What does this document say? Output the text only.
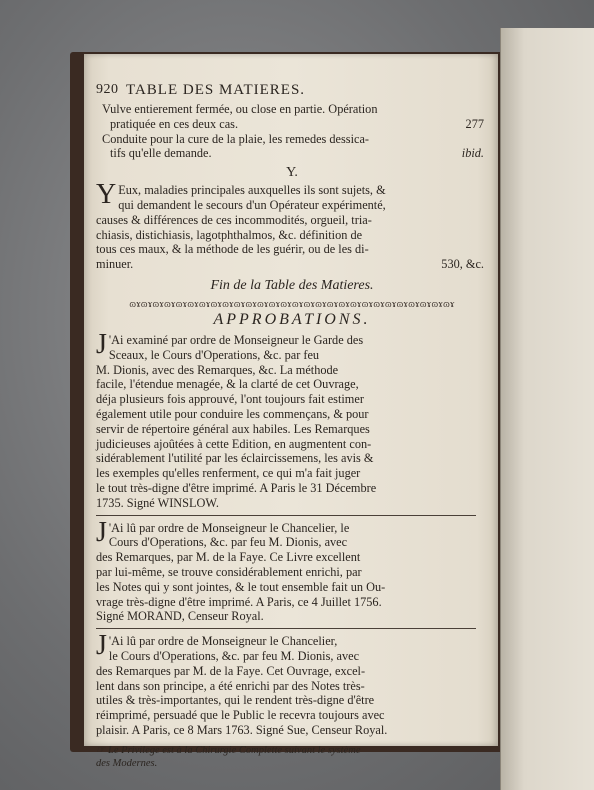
920 TABLE DES MATIERES.
Vulve entierement fermée, ou close en partie. Opération
pratiquée en ces deux cas.	277
Conduite pour la cure de la plaie, les remedes dessica-
tifs qu'elle demande.	ibid.
Y.
Y Eux, maladies principales auxquelles ils sont sujets, &
qui demandent le secours d'un Opérateur expérimenté,
causes & différences de ces incommodités, orgueil, tria-
chiasis, distichiasis, lagotphthalmos, &c. définition de
tous ces maux, & la méthode de les guérir, ou de les di-
minuer.	530, &c.
Fin de la Table des Matieres.
ɷɤɷɤɷɤɷɤɷɤɷɤɷɤɷɤɷɤɷɤɷɤɷɤɷɤɷɤɷɤɷɤɷɤɷɤɷɤɷɤɷɤɷɤɷɤɷɤɷɤɷɤɷɤɷɤ
APPROBATIONS.
J 'Ai examiné par ordre de Monseigneur le Garde des
Sceaux, le Cours d'Operations, &c. par feu
M. Dionis, avec des Remarques, &c. La méthode
facile, l'étendue menagée, & la clarté de cet Ouvrage,
déja plusieurs fois approuvé, l'ont toujours fait estimer
également utile pour conduire les commençans, & pour
servir de répertoire général aux habiles. Les Remarques
judicieuses ajoûtées à cette Edition, en augmentent con-
sidérablement l'utilité par les éclaircissemens, les avis &
les exemples qu'elles renferment, ce qui m'a fait juger
le tout très-digne d'être imprimé. A Paris le 31 Décembre
1735. Signé WINSLOW.
J 'Ai lû par ordre de Monseigneur le Chancelier, le
Cours d'Operations, &c. par feu M. Dionis, avec
des Remarques, par M. de la Faye. Ce Livre excellent
par lui-même, se trouve considérablement enrichi, par
les Notes qui y sont jointes, & le tout ensemble fait un Ou-
vrage très-digne d'être imprimé. A Paris, ce 4 Juillet 1756.
Signé MORAND, Censeur Royal.
J 'Ai lû par ordre de Monseigneur le Chancelier,
le Cours d'Operations, &c. par feu M. Dionis, avec
des Remarques par M. de la Faye. Cet Ouvrage, excel-
lent dans son principe, a été enrichi par des Notes très-
utiles & très-importantes, qui le rendent très-digne d'être
réimprimé, persuadé que le Public le recevra toujours avec
plaisir. A Paris, ce 8 Mars 1763. Signé Sue, Censeur Royal.
☞ Le Privilege est à la Chirurgie Complette suivant le système
des Modernes.
